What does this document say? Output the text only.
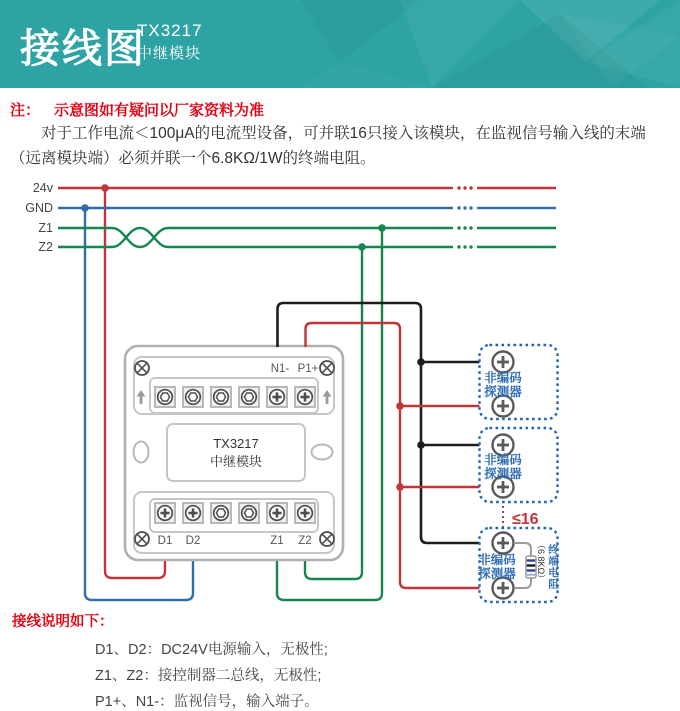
接线图
TX3217
中继模块
注： 示意图如有疑问以厂家资料为准
对于工作电流＜100μA的电流型设备，可并联16只接入该模块，在监视信号输入线的末端（远离模块端）必须并联一个6.8KΩ/1W的终端电阻。
24v
GND
Z1
Z2
N1- P1+
TX3217
中继模块
D1 D2	Z1 Z2
非编码
探测器
非编码
探测器
≤16
非编码
探测器 （6.8KΩ） 终端电阻
接线说明如下：
D1、D2：DC24V电源输入，无极性;
Z1、Z2：接控制器二总线，无极性;
P1+、N1-：监视信号，输入端子。
